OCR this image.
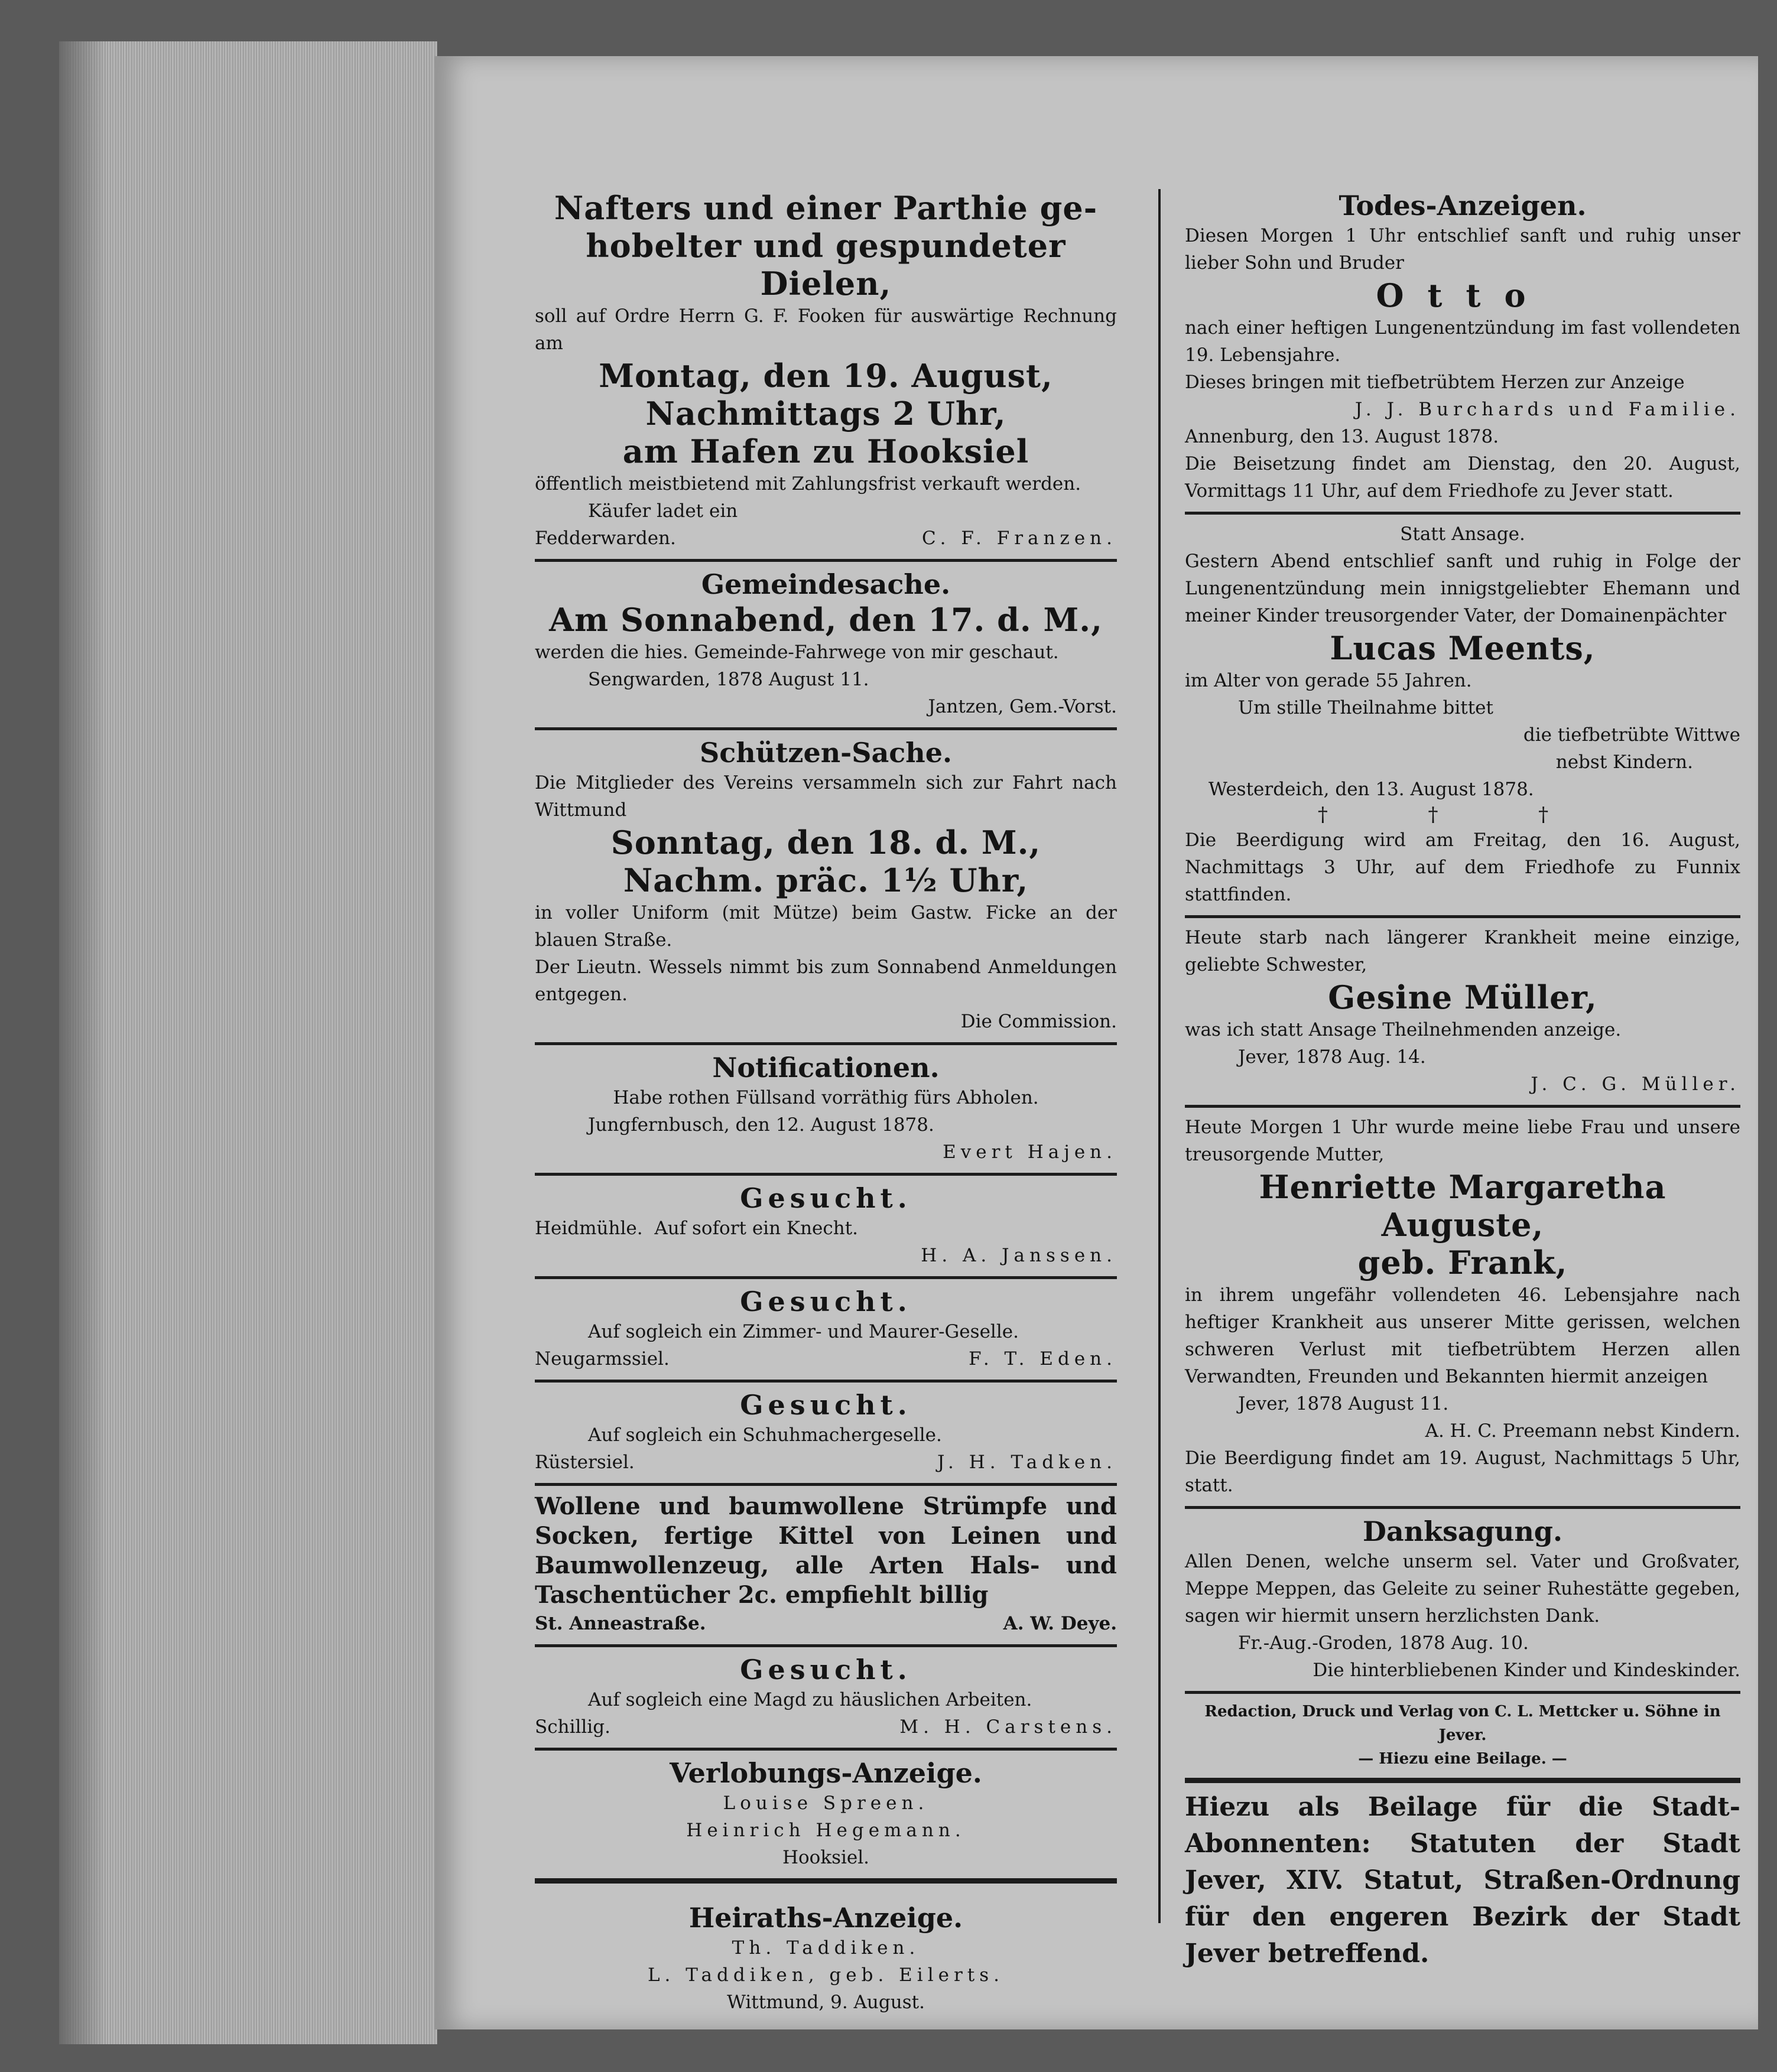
Nafters und einer Parthie ge-
hobelter und gespundeter Dielen,
soll auf Ordre Herrn G. F. Fooken für auswärtige Rechnung am
Montag, den 19. August,
Nachmittags 2 Uhr,
am Hafen zu Hooksiel
öffentlich meistbietend mit Zahlungsfrist verkauft werden.
Käufer ladet ein
Fedderwarden.	C. F. Franzen.
Gemeindesache.
Am Sonnabend, den 17. d. M.,
werden die hies. Gemeinde-Fahrwege von mir geschaut.
Sengwarden, 1878 August 11.
Jantzen, Gem.-Vorst.
Schützen-Sache.
Die Mitglieder des Vereins versammeln sich zur Fahrt nach Wittmund
Sonntag, den 18. d. M.,
Nachm. präc. 1½ Uhr,
in voller Uniform (mit Mütze) beim Gastw. Ficke an der blauen Straße.
Der Lieutn. Wessels nimmt bis zum Sonnabend Anmeldungen entgegen.
Die Commission.
Notificationen.
Habe rothen Füllsand vorräthig fürs Abholen.
Jungfernbusch, den 12. August 1878.
Evert Hajen.
Gesucht.
Heidmühle. Auf sofort ein Knecht.
H. A. Janssen.
Gesucht.
Auf sogleich ein Zimmer- und Maurer-Geselle.
Neugarmssiel.	F. T. Eden.
Gesucht.
Auf sogleich ein Schuhmachergeselle.
Rüstersiel.	J. H. Tadken.
Wollene und baumwollene Strümpfe und Socken, fertige Kittel von Leinen und Baumwollenzeug, alle Arten Hals- und Taschentücher 2c. empfiehlt billig
St. Anneastraße.	A. W. Deye.
Gesucht.
Auf sogleich eine Magd zu häuslichen Arbeiten.
Schillig.	M. H. Carstens.
Verlobungs-Anzeige.
Louise Spreen.
Heinrich Hegemann.
Hooksiel.
Heiraths-Anzeige.
Th. Taddiken.
L. Taddiken, geb. Eilerts.
Wittmund, 9. August.
Todes-Anzeigen.
Diesen Morgen 1 Uhr entschlief sanft und ruhig unser lieber Sohn und Bruder
Otto
nach einer heftigen Lungenentzündung im fast vollendeten 19. Lebensjahre.
Dieses bringen mit tiefbetrübtem Herzen zur Anzeige
J. J. Burchards und Familie.
Annenburg, den 13. August 1878.
Die Beisetzung findet am Dienstag, den 20. August, Vormittags 11 Uhr, auf dem Friedhofe zu Jever statt.
Statt Ansage.
Gestern Abend entschlief sanft und ruhig in Folge der Lungenentzündung mein innigstgeliebter Ehemann und meiner Kinder treusorgender Vater, der Domainenpächter
Lucas Meents,
im Alter von gerade 55 Jahren.
Um stille Theilnahme bittet
die tiefbetrübte Wittwe
nebst Kindern.
Westerdeich, den 13. August 1878.
†	†	†
Die Beerdigung wird am Freitag, den 16. August, Nachmittags 3 Uhr, auf dem Friedhofe zu Funnix stattfinden.
Heute starb nach längerer Krankheit meine einzige, geliebte Schwester,
Gesine Müller,
was ich statt Ansage Theilnehmenden anzeige.
Jever, 1878 Aug. 14.
J. C. G. Müller.
Heute Morgen 1 Uhr wurde meine liebe Frau und unsere treusorgende Mutter,
Henriette Margaretha Auguste,
geb. Frank,
in ihrem ungefähr vollendeten 46. Lebensjahre nach heftiger Krankheit aus unserer Mitte gerissen, welchen schweren Verlust mit tiefbetrübtem Herzen allen Verwandten, Freunden und Bekannten hiermit anzeigen
Jever, 1878 August 11.
A. H. C. Preemann nebst Kindern.
Die Beerdigung findet am 19. August, Nachmittags 5 Uhr, statt.
Danksagung.
Allen Denen, welche unserm sel. Vater und Großvater, Meppe Meppen, das Geleite zu seiner Ruhestätte gegeben, sagen wir hiermit unsern herzlichsten Dank.
Fr.-Aug.-Groden, 1878 Aug. 10.
Die hinterbliebenen Kinder und Kindeskinder.
Redaction, Druck und Verlag von C. L. Mettcker u. Söhne in Jever.
— Hiezu eine Beilage. —
Hiezu als Beilage für die Stadt-Abonnenten: Statuten der Stadt Jever, XIV. Statut, Straßen-Ordnung für den engeren Bezirk der Stadt Jever betreffend.
